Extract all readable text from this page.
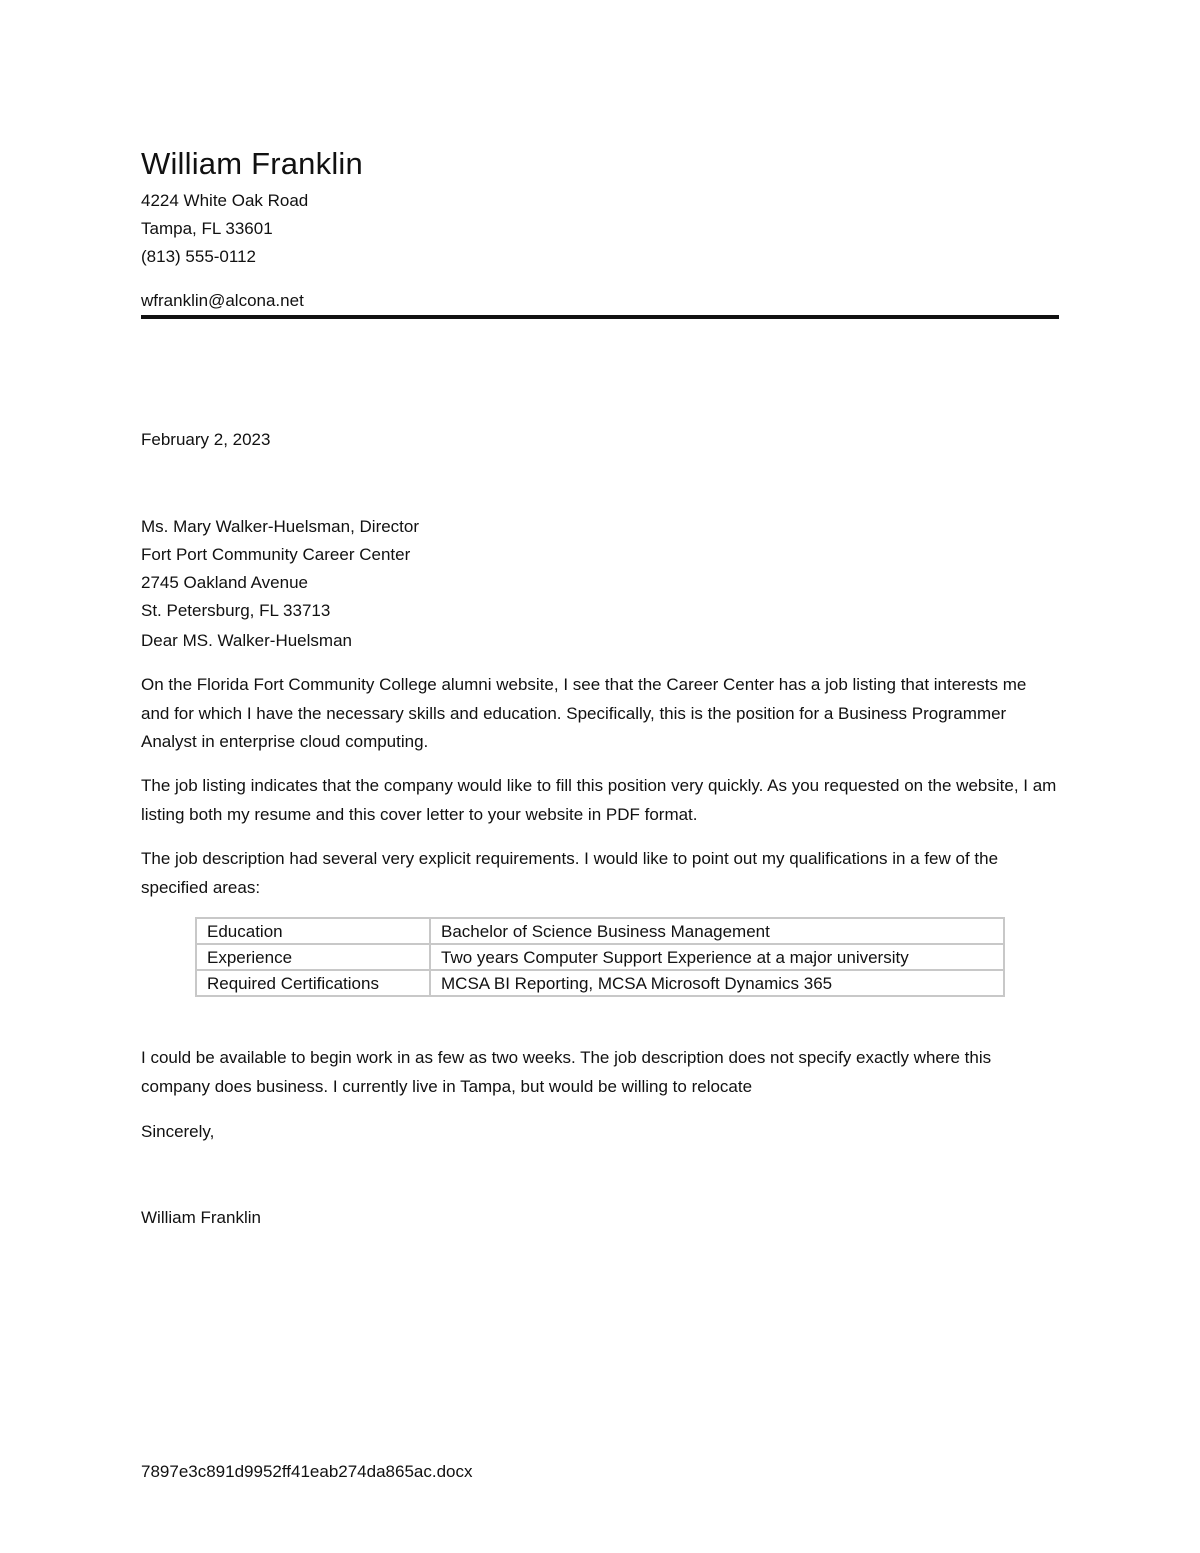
William Franklin
4224 White Oak Road
Tampa, FL 33601
(813) 555-0112
wfranklin@alcona.net
February 2, 2023
Ms. Mary Walker-Huelsman, Director
Fort Port Community Career Center
2745 Oakland Avenue
St. Petersburg, FL 33713
Dear MS. Walker-Huelsman
On the Florida Fort Community College alumni website, I see that the Career Center has a job listing that interests me and for which I have the necessary skills and education. Specifically, this is the position for a Business Programmer Analyst in enterprise cloud computing.
The job listing indicates that the company would like to fill this position very quickly. As you requested on the website, I am listing both my resume and this cover letter to your website in PDF format.
The job description had several very explicit requirements. I would like to point out my qualifications in a few of the specified areas:
Education	Bachelor of Science Business Management
Experience	Two years Computer Support Experience at a major university
Required Certifications	MCSA BI Reporting, MCSA Microsoft Dynamics 365
I could be available to begin work in as few as two weeks. The job description does not specify exactly where this company does business. I currently live in Tampa, but would be willing to relocate
Sincerely,
William Franklin
7897e3c891d9952ff41eab274da865ac.docx
